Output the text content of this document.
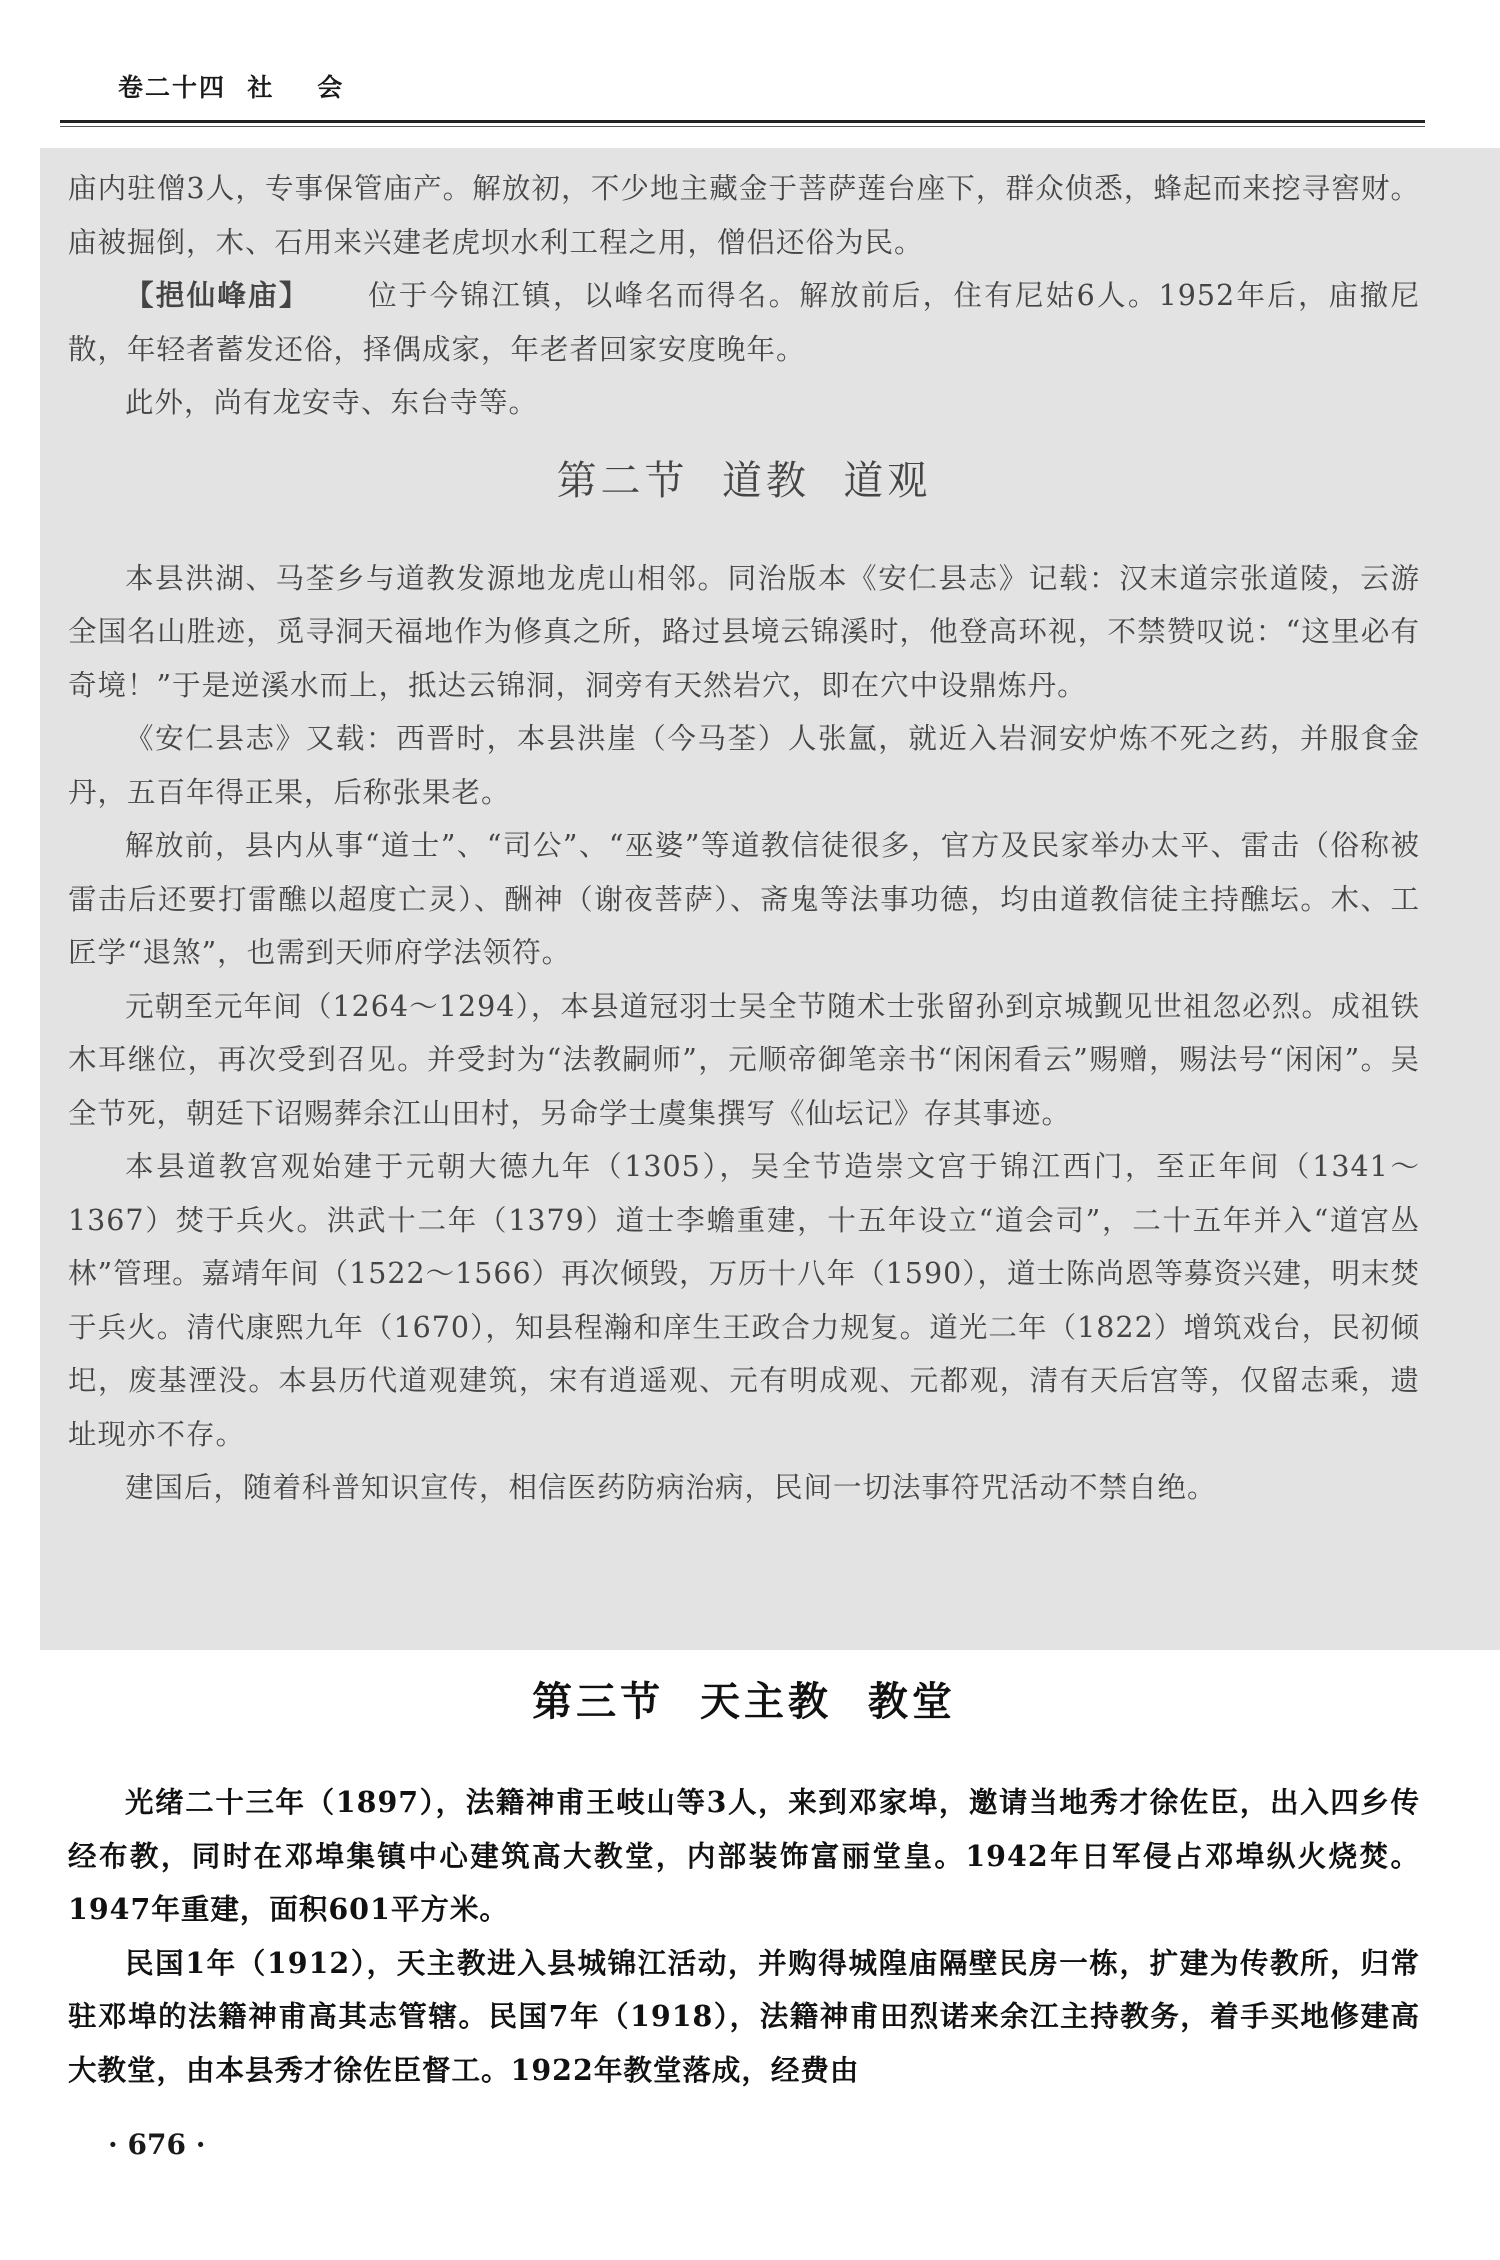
卷二十四  社    会

庙内驻僧3人，专事保管庙产。解放初，不少地主藏金于菩萨莲台座下，群众侦悉，蜂起而来挖寻窖财。庙被掘倒，木、石用来兴建老虎坝水利工程之用，僧侣还俗为民。

【挹仙峰庙】 位于今锦江镇，以峰名而得名。解放前后，住有尼姑6人。1952年后，庙撤尼散，年轻者蓄发还俗，择偶成家，年老者回家安度晚年。

此外，尚有龙安寺、东台寺等。

第二节  道教  道观

本县洪湖、马荃乡与道教发源地龙虎山相邻。同治版本《安仁县志》记载：汉末道宗张道陵，云游全国名山胜迹，觅寻洞天福地作为修真之所，路过县境云锦溪时，他登高环视，不禁赞叹说：“这里必有奇境！”于是逆溪水而上，抵达云锦洞，洞旁有天然岩穴，即在穴中设鼎炼丹。

《安仁县志》又载：西晋时，本县洪崖（今马荃）人张氲，就近入岩洞安炉炼不死之药，并服食金丹，五百年得正果，后称张果老。

解放前，县内从事“道士”、“司公”、“巫婆”等道教信徒很多，官方及民家举办太平、雷击（俗称被雷击后还要打雷醮以超度亡灵）、酬神（谢夜菩萨）、斋鬼等法事功德，均由道教信徒主持醮坛。木、工匠学“退煞”，也需到天师府学法领符。

元朝至元年间（1264～1294），本县道冠羽士吴全节随术士张留孙到京城觐见世祖忽必烈。成祖铁木耳继位，再次受到召见。并受封为“法教嗣师”，元顺帝御笔亲书“闲闲看云”赐赠，赐法号“闲闲”。吴全节死，朝廷下诏赐葬余江山田村，另命学士虞集撰写《仙坛记》存其事迹。

本县道教宫观始建于元朝大德九年（1305），吴全节造崇文宫于锦江西门，至正年间（1341～1367）焚于兵火。洪武十二年（1379）道士李蟾重建，十五年设立“道会司”，二十五年并入“道宫丛林”管理。嘉靖年间（1522～1566）再次倾毁，万历十八年（1590），道士陈尚恩等募资兴建，明末焚于兵火。清代康熙九年（1670），知县程瀚和庠生王政合力规复。道光二年（1822）增筑戏台，民初倾圯，废基湮没。本县历代道观建筑，宋有逍遥观、元有明成观、元都观，清有天后宫等，仅留志乘，遗址现亦不存。

建国后，随着科普知识宣传，相信医药防病治病，民间一切法事符咒活动不禁自绝。

第三节  天主教  教堂

光绪二十三年（1897），法籍神甫王岐山等3人，来到邓家埠，邀请当地秀才徐佐臣，出入四乡传经布教，同时在邓埠集镇中心建筑高大教堂，内部装饰富丽堂皇。1942年日军侵占邓埠纵火烧焚。1947年重建，面积601平方米。

民国1年（1912），天主教进入县城锦江活动，并购得城隍庙隔壁民房一栋，扩建为传教所，归常驻邓埠的法籍神甫高其志管辖。民国7年（1918），法籍神甫田烈诺来余江主持教务，着手买地修建高大教堂，由本县秀才徐佐臣督工。1922年教堂落成，经费由

· 676 ·
